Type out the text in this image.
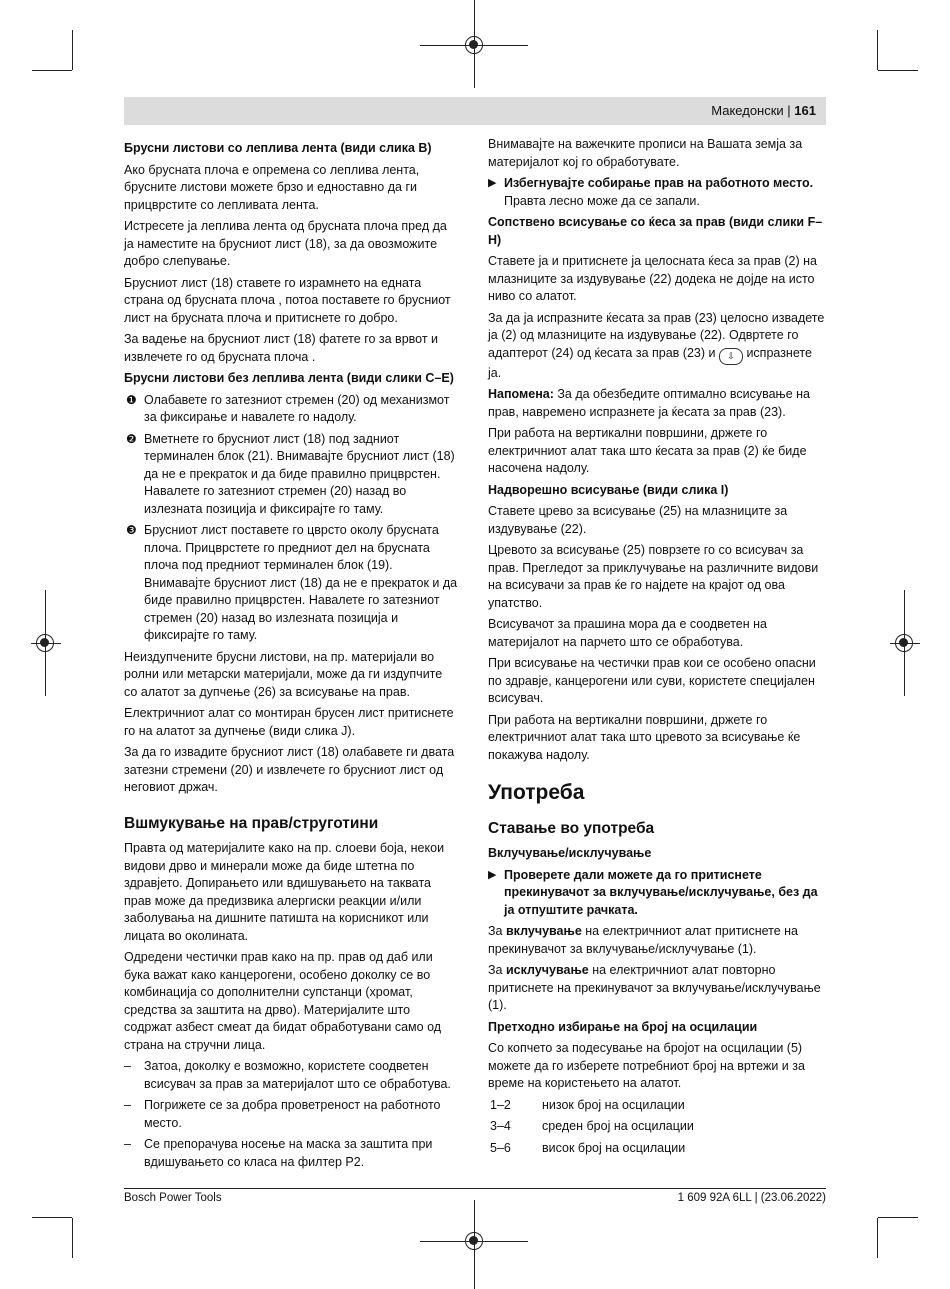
Македонски | 161
Брусни листови со леплива лента (види слика B)

Ако брусната плоча е опремена со леплива лента, брусните листови можете брзо и едноставно да ги прицврстите со лепливата лента.

Истресете ја леплива лента од брусната плоча пред да ја наместите на брусниот лист (18), за да овозможите добро слепување.

Брусниот лист (18) ставете го израмнето на едната страна од брусната плоча , потоа поставете го брусниот лист на брусната плоча и притиснете го добро.

За вадење на брусниот лист (18) фатете го за врвот и извлечете го од брусната плоча .

Брусни листови без леплива лента (види слики C–E)
❶ Олабавете го затезниот стремен (20) од механизмот за фиксирање и навалете го надолу.
❷ Вметнете го брусниот лист (18) под задниот терминален блок (21). Внимавајте брусниот лист (18) да не е прекратoк и да биде правилно прицврстен. Навалете го затезниот стремен (20) назад во излезната позиција и фиксирајте го таму.
❸ Брусниот лист поставете го цврсто околу брусната плоча. Прицврстете го предниот дел на брусната плоча под предниот терминален блок (19). Внимавајте брусниот лист (18) да не е прекратoк и да биде правилно прицврстен. Навалете го затезниот стремен (20) назад во излезната позиција и фиксирајте го таму.

Неиздупчените брусни листови, на пр. материјали во ролни или метарски материјали, може да ги издупчите со алатот за дупчење (26) за всисување на прав.

Електричниот алат со монтиран брусен лист притиснете го на алатот за дупчење (види слика J).

За да го извадите брусниот лист (18) олабавете ги двата затезни стремени (20) и извлечете го брусниот лист од неговиот држач.

Вшмукување на прав/струготини

Правта од материјалите како на пр. слоеви боја, некои видови дрво и минерали може да биде штетна по здравјето. Допирањето или вдишувањето на таквата прав може да предизвика алергиски реакции и/или заболувања на дишните патишта на корисникот или лицата во околината.

Одредени честички прав како на пр. прав од даб или бука важат како канцерогени, особено доколку се во комбинација со дополнителни супстанци (хромат, средства за заштита на дрво). Материјалите што содржат азбест смеат да бидат обработувани само од страна на стручни лица.

– Затоа, доколку е возможно, користете соодветен всисувач за прав за материјалот што се обработува.
– Погрижете се за добра проветреност на работното место.
– Се препорачува носење на маска за заштита при вдишувањето со класа на филтер P2.

Внимавајте на важечките прописи на Вашата земја за материјалот кој го обработувате.

▶ Избегнувајте собирање прав на работното место.
Правта лесно може да се запали.
Сопствено всисување со ќеса за прав (види слики F–H)

Ставете ја и притиснете ја целосната ќеса за прав (2) на млазниците за издувување (22) додека не дојде на исто ниво со алатот.

За да ја испразните ќесата за прав (23) целосно извадете ја (2) од млазниците на издувување (22). Одвртете го адаптерот (24) од ќесата за прав (23) и ⇩ испразнете ја.

Напомена: За да обезбедите оптимално всисување на прав, навремено испразнете ја ќесата за прав (23).

При работа на вертикални површини, држете го електричниот алат така што ќесата за прав (2) ќе биде насочена надолу.

Надворешно всисување (види слика I)

Ставете црево за всисување (25) на млазниците за издувување (22).

Цревото за всисување (25) поврзете го со всисувач за прав. Прегледот за приклучување на различните видови на всисувачи за прав ќе го најдете на крајот од ова упатство.

Всисувачот за прашина мора да е соодветен на материјалот на парчето што се обработува.

При всисување на честички прав кои се особено опасни по здравје, канцерогени или суви, користете специјален всисувач.

При работа на вертикални површини, држете го електричниот алат така што цревото за всисување ќе покажува надолу.

Употреба
Ставање во употреба
Вклучување/исклучување
▶ Проверете дали можете да го притиснете прекинувачот за вклучување/исклучување, без да ја отпуштите рачката.

За вклучување на електричниот алат притиснете на прекинувачот за вклучување/исклучување (1).

За исклучување на електричниот алат повторно притиснете на прекинувачот за вклучување/исклучување (1).

Претходно избирање на број на осцилации

Со копчето за подесување на бројот на осцилации (5) можете да го изберете потребниот број на вртежи и за време на користењето на алатот.

1–2	низок број на осцилации
3–4	среден број на осцилации
5–6	висок број на осцилации
Bosch Power Tools	1 609 92A 6LL | (23.06.2022)
